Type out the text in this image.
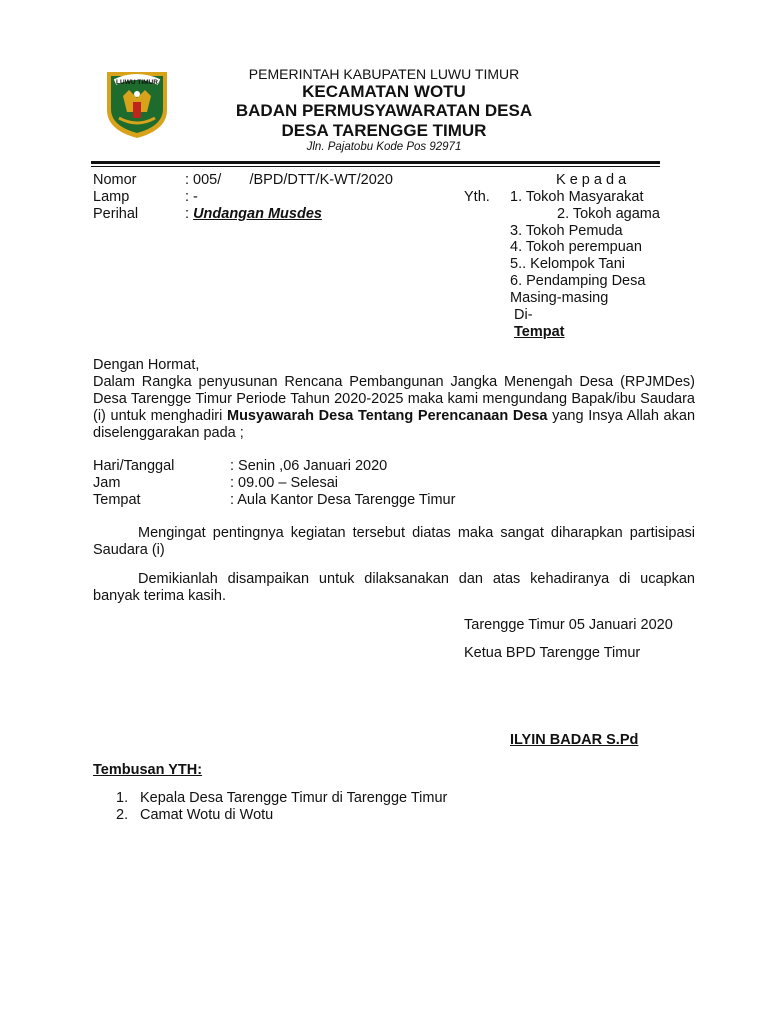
LUWU TIMUR
PEMERINTAH KABUPATEN LUWU TIMUR
KECAMATAN WOTU
BADAN PERMUSYAWARATAN DESA
DESA TARENGGE TIMUR
Jln. Pajatobu Kode Pos 92971
Nomor	: 005/       /BPD/DTT/K-WT/2020
Lamp	: -
Perihal	: Undangan Musdes
K e p a d a
Yth. 1. Tokoh Masyarakat
2. Tokoh agama
3. Tokoh Pemuda
4. Tokoh perempuan
5.. Kelompok Tani
6. Pendamping Desa
Masing-masing
Di-
Tempat
Dengan Hormat,
Dalam Rangka penyusunan Rencana Pembangunan Jangka Menengah Desa (RPJMDes) Desa Tarengge Timur Periode Tahun 2020-2025 maka kami mengundang Bapak/ibu Saudara (i) untuk menghadiri Musyawarah Desa Tentang Perencanaan Desa yang Insya Allah akan diselenggarakan pada ;
Hari/Tanggal	: Senin ,06 Januari 2020
Jam	: 09.00 – Selesai
Tempat	: Aula Kantor Desa Tarengge Timur
Mengingat pentingnya kegiatan tersebut diatas maka sangat diharapkan partisipasi Saudara (i)
Demikianlah disampaikan untuk dilaksanakan dan atas kehadiranya di ucapkan banyak terima kasih.
Tarengge Timur 05 Januari 2020
Ketua BPD Tarengge Timur
ILYIN BADAR S.Pd
Tembusan YTH:
1. Kepala Desa Tarengge Timur di Tarengge Timur
2. Camat Wotu di Wotu
